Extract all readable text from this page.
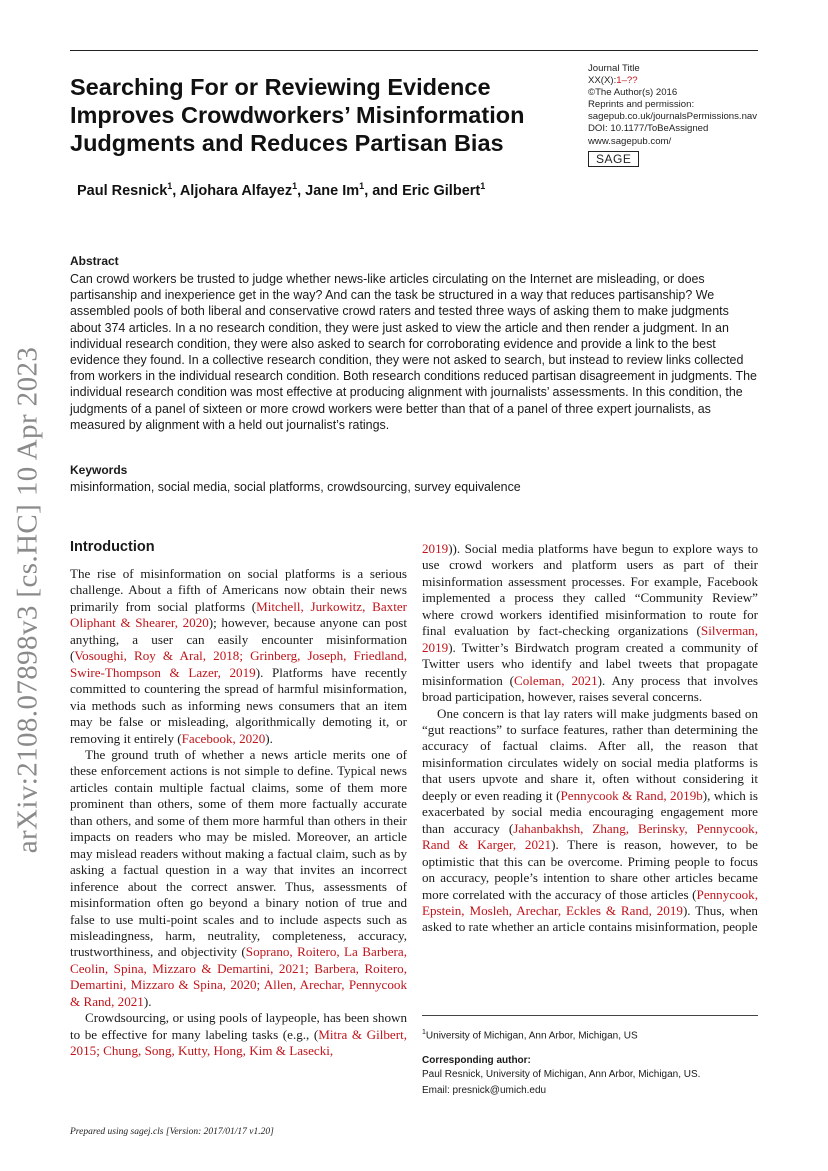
arXiv:2108.07898v3 [cs.HC] 10 Apr 2023
Searching For or Reviewing Evidence Improves Crowdworkers’ Misinformation Judgments and Reduces Partisan Bias
Journal Title
XX(X):1–??
©The Author(s) 2016
Reprints and permission:
sagepub.co.uk/journalsPermissions.nav
DOI: 10.1177/ToBeAssigned
www.sagepub.com/
SAGE
Paul Resnick$^1$, Aljohara Alfayez$^1$, Jane Im$^1$, and Eric Gilbert$^1$
Abstract
Can crowd workers be trusted to judge whether news-like articles circulating on the Internet are misleading, or does partisanship and inexperience get in the way? And can the task be structured in a way that reduces partisanship? We assembled pools of both liberal and conservative crowd raters and tested three ways of asking them to make judgments about 374 articles. In a no research condition, they were just asked to view the article and then render a judgment. In an individual research condition, they were also asked to search for corroborating evidence and provide a link to the best evidence they found. In a collective research condition, they were not asked to search, but instead to review links collected from workers in the individual research condition. Both research conditions reduced partisan disagreement in judgments. The individual research condition was most effective at producing alignment with journalists’ assessments. In this condition, the judgments of a panel of sixteen or more crowd workers were better than that of a panel of three expert journalists, as measured by alignment with a held out journalist’s ratings.
Keywords
misinformation, social media, social platforms, crowdsourcing, survey equivalence
Introduction

The rise of misinformation on social platforms is a serious challenge. About a fifth of Americans now obtain their news primarily from social platforms (Mitchell, Jurkowitz, Baxter Oliphant & Shearer, 2020); however, because anyone can post anything, a user can easily encounter misinformation (Vosoughi, Roy & Aral, 2018; Grinberg, Joseph, Friedland, Swire-Thompson & Lazer, 2019). Platforms have recently committed to countering the spread of harmful misinformation, via methods such as informing news consumers that an item may be false or misleading, algorithmically demoting it, or removing it entirely (Facebook, 2020).

The ground truth of whether a news article merits one of these enforcement actions is not simple to define. Typical news articles contain multiple factual claims, some of them more prominent than others, some of them more factually accurate than others, and some of them more harmful than others in their impacts on readers who may be misled. Moreover, an article may mislead readers without making a factual claim, such as by asking a factual question in a way that invites an incorrect inference about the correct answer. Thus, assessments of misinformation often go beyond a binary notion of true and false to use multi-point scales and to include aspects such as misleadingness, harm, neutrality, completeness, accuracy, trustworthiness, and objectivity (Soprano, Roitero, La Barbera, Ceolin, Spina, Mizzaro & Demartini, 2021; Barbera, Roitero, Demartini, Mizzaro & Spina, 2020; Allen, Arechar, Pennycook & Rand, 2021).

Crowdsourcing, or using pools of laypeople, has been shown to be effective for many labeling tasks (e.g., (Mitra & Gilbert, 2015; Chung, Song, Kutty, Hong, Kim & Lasecki,

2019)). Social media platforms have begun to explore ways to use crowd workers and platform users as part of their misinformation assessment processes. For example, Facebook implemented a process they called “Community Review” where crowd workers identified misinformation to route for final evaluation by fact-checking organizations (Silverman, 2019). Twitter’s Birdwatch program created a community of Twitter users who identify and label tweets that propagate misinformation (Coleman, 2021). Any process that involves broad participation, however, raises several concerns.

One concern is that lay raters will make judgments based on “gut reactions” to surface features, rather than determining the accuracy of factual claims. After all, the reason that misinformation circulates widely on social media platforms is that users upvote and share it, often without considering it deeply or even reading it (Pennycook & Rand, 2019b), which is exacerbated by social media encouraging engagement more than accuracy (Jahanbakhsh, Zhang, Berinsky, Pennycook, Rand & Karger, 2021). There is reason, however, to be optimistic that this can be overcome. Priming people to focus on accuracy, people’s intention to share other articles became more correlated with the accuracy of those articles (Pennycook, Epstein, Mosleh, Arechar, Eckles & Rand, 2019). Thus, when asked to rate whether an article contains misinformation, people

$^1$University of Michigan, Ann Arbor, Michigan, US
Corresponding author:
Paul Resnick, University of Michigan, Ann Arbor, Michigan, US.
Email: presnick@umich.edu
Prepared using sagej.cls [Version: 2017/01/17 v1.20]
